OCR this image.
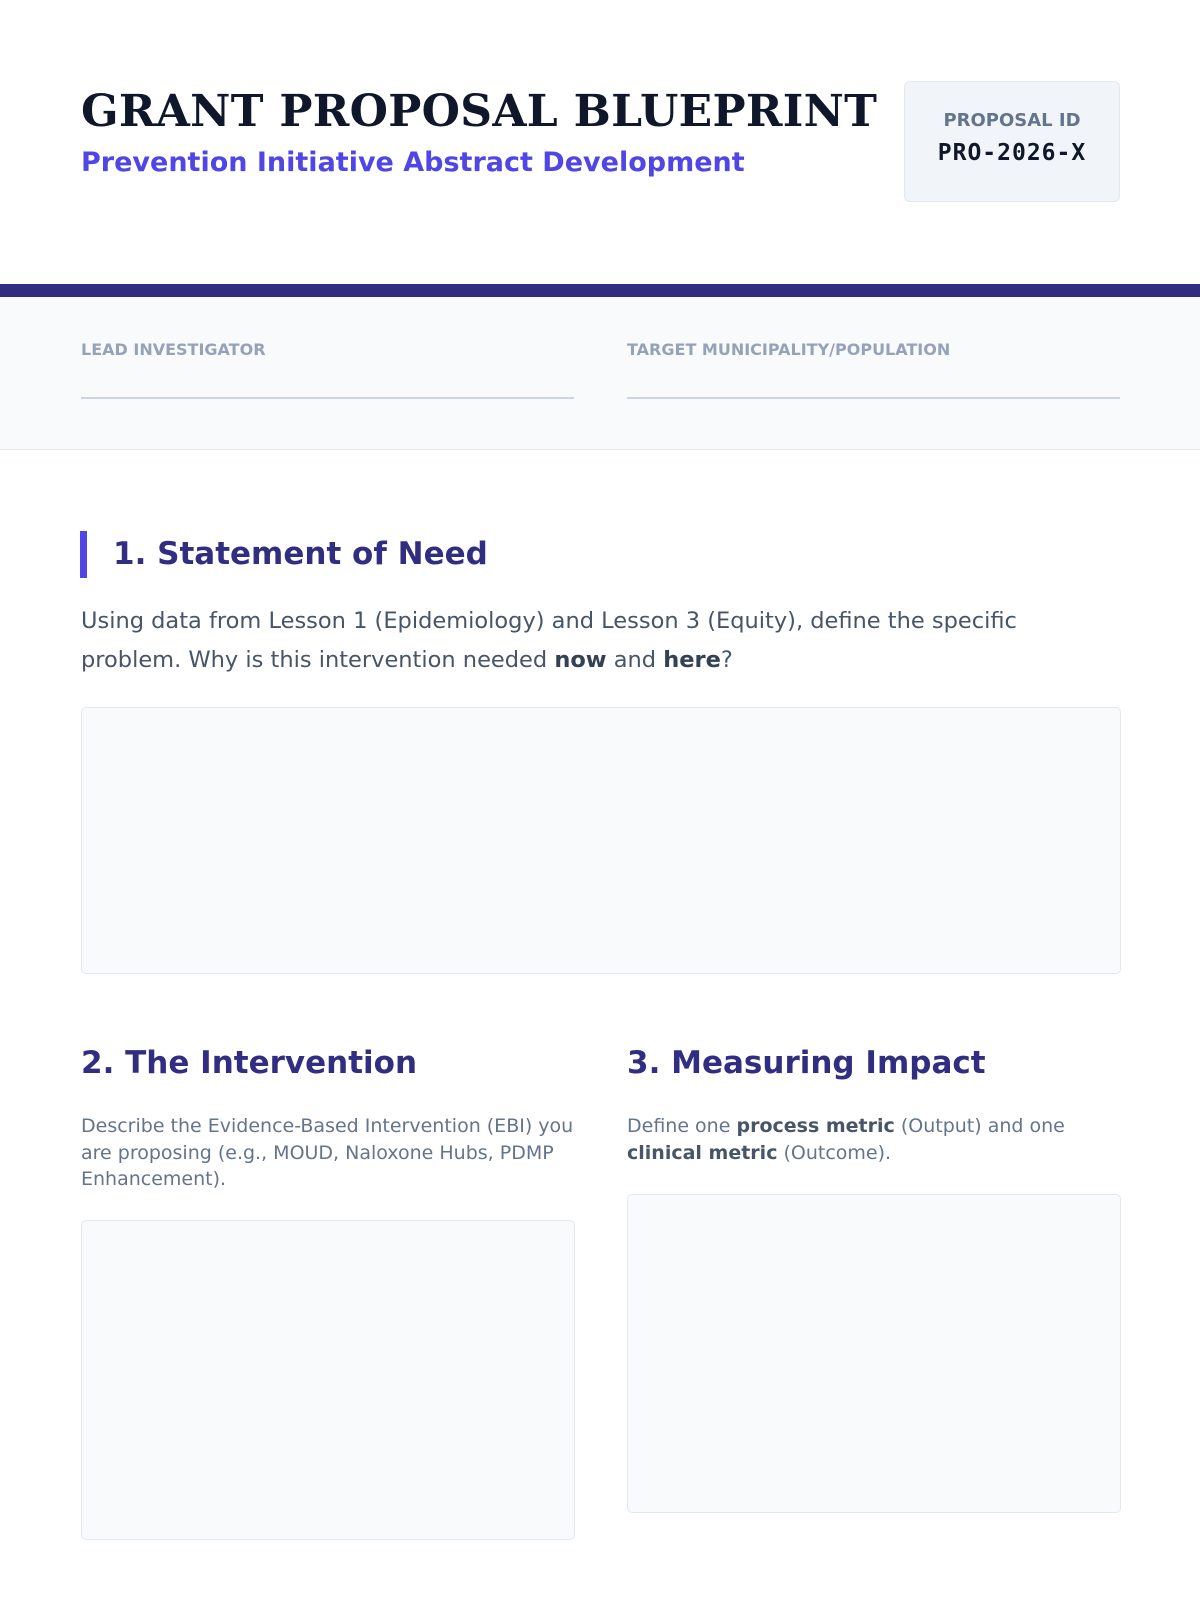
GRANT PROPOSAL BLUEPRINT
Prevention Initiative Abstract Development
PROPOSAL ID
PRO-2026-X
LEAD INVESTIGATOR	TARGET MUNICIPALITY/POPULATION
1. Statement of Need

Using data from Lesson 1 (Epidemiology) and Lesson 3 (Equity), define the specific problem. Why is this intervention needed now and here?

2. The Intervention

Describe the Evidence-Based Intervention (EBI) you are proposing (e.g., MOUD, Naloxone Hubs, PDMP Enhancement).

3. Measuring Impact

Define one process metric (Output) and one clinical metric (Outcome).
